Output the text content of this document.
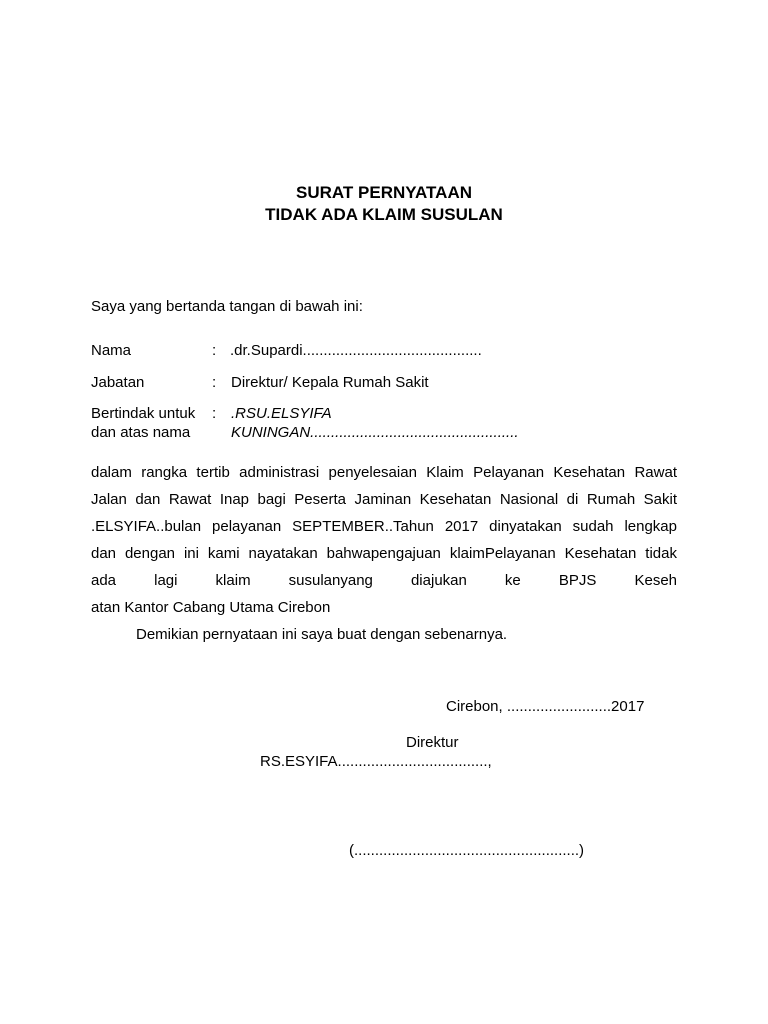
SURAT PERNYATAAN
TIDAK ADA KLAIM SUSULAN
Saya yang bertanda tangan di bawah ini:
Nama	: .dr.Supardi...........................................
Jabatan	: Direktur/ Kepala Rumah Sakit
Bertindak untuk
dan atas nama
: .RSU.ELSYIFA
KUNINGAN..................................................
dalam rangka tertib administrasi penyelesaian Klaim Pelayanan Kesehatan Rawat
Jalan dan Rawat Inap bagi Peserta Jaminan Kesehatan Nasional di Rumah Sakit
.ELSYIFA..bulan pelayanan SEPTEMBER..Tahun 2017 dinyatakan sudah lengkap
dan dengan ini kami nayatakan bahwapengajuan klaimPelayanan Kesehatan tidak
ada lagi klaim susulanyang diajukan ke BPJS Keseh
atan Kantor Cabang Utama Cirebon
Demikian pernyataan ini saya buat dengan sebenarnya.
Cirebon, .........................2017
Direktur
RS.ESYIFA....................................,
(......................................................)
